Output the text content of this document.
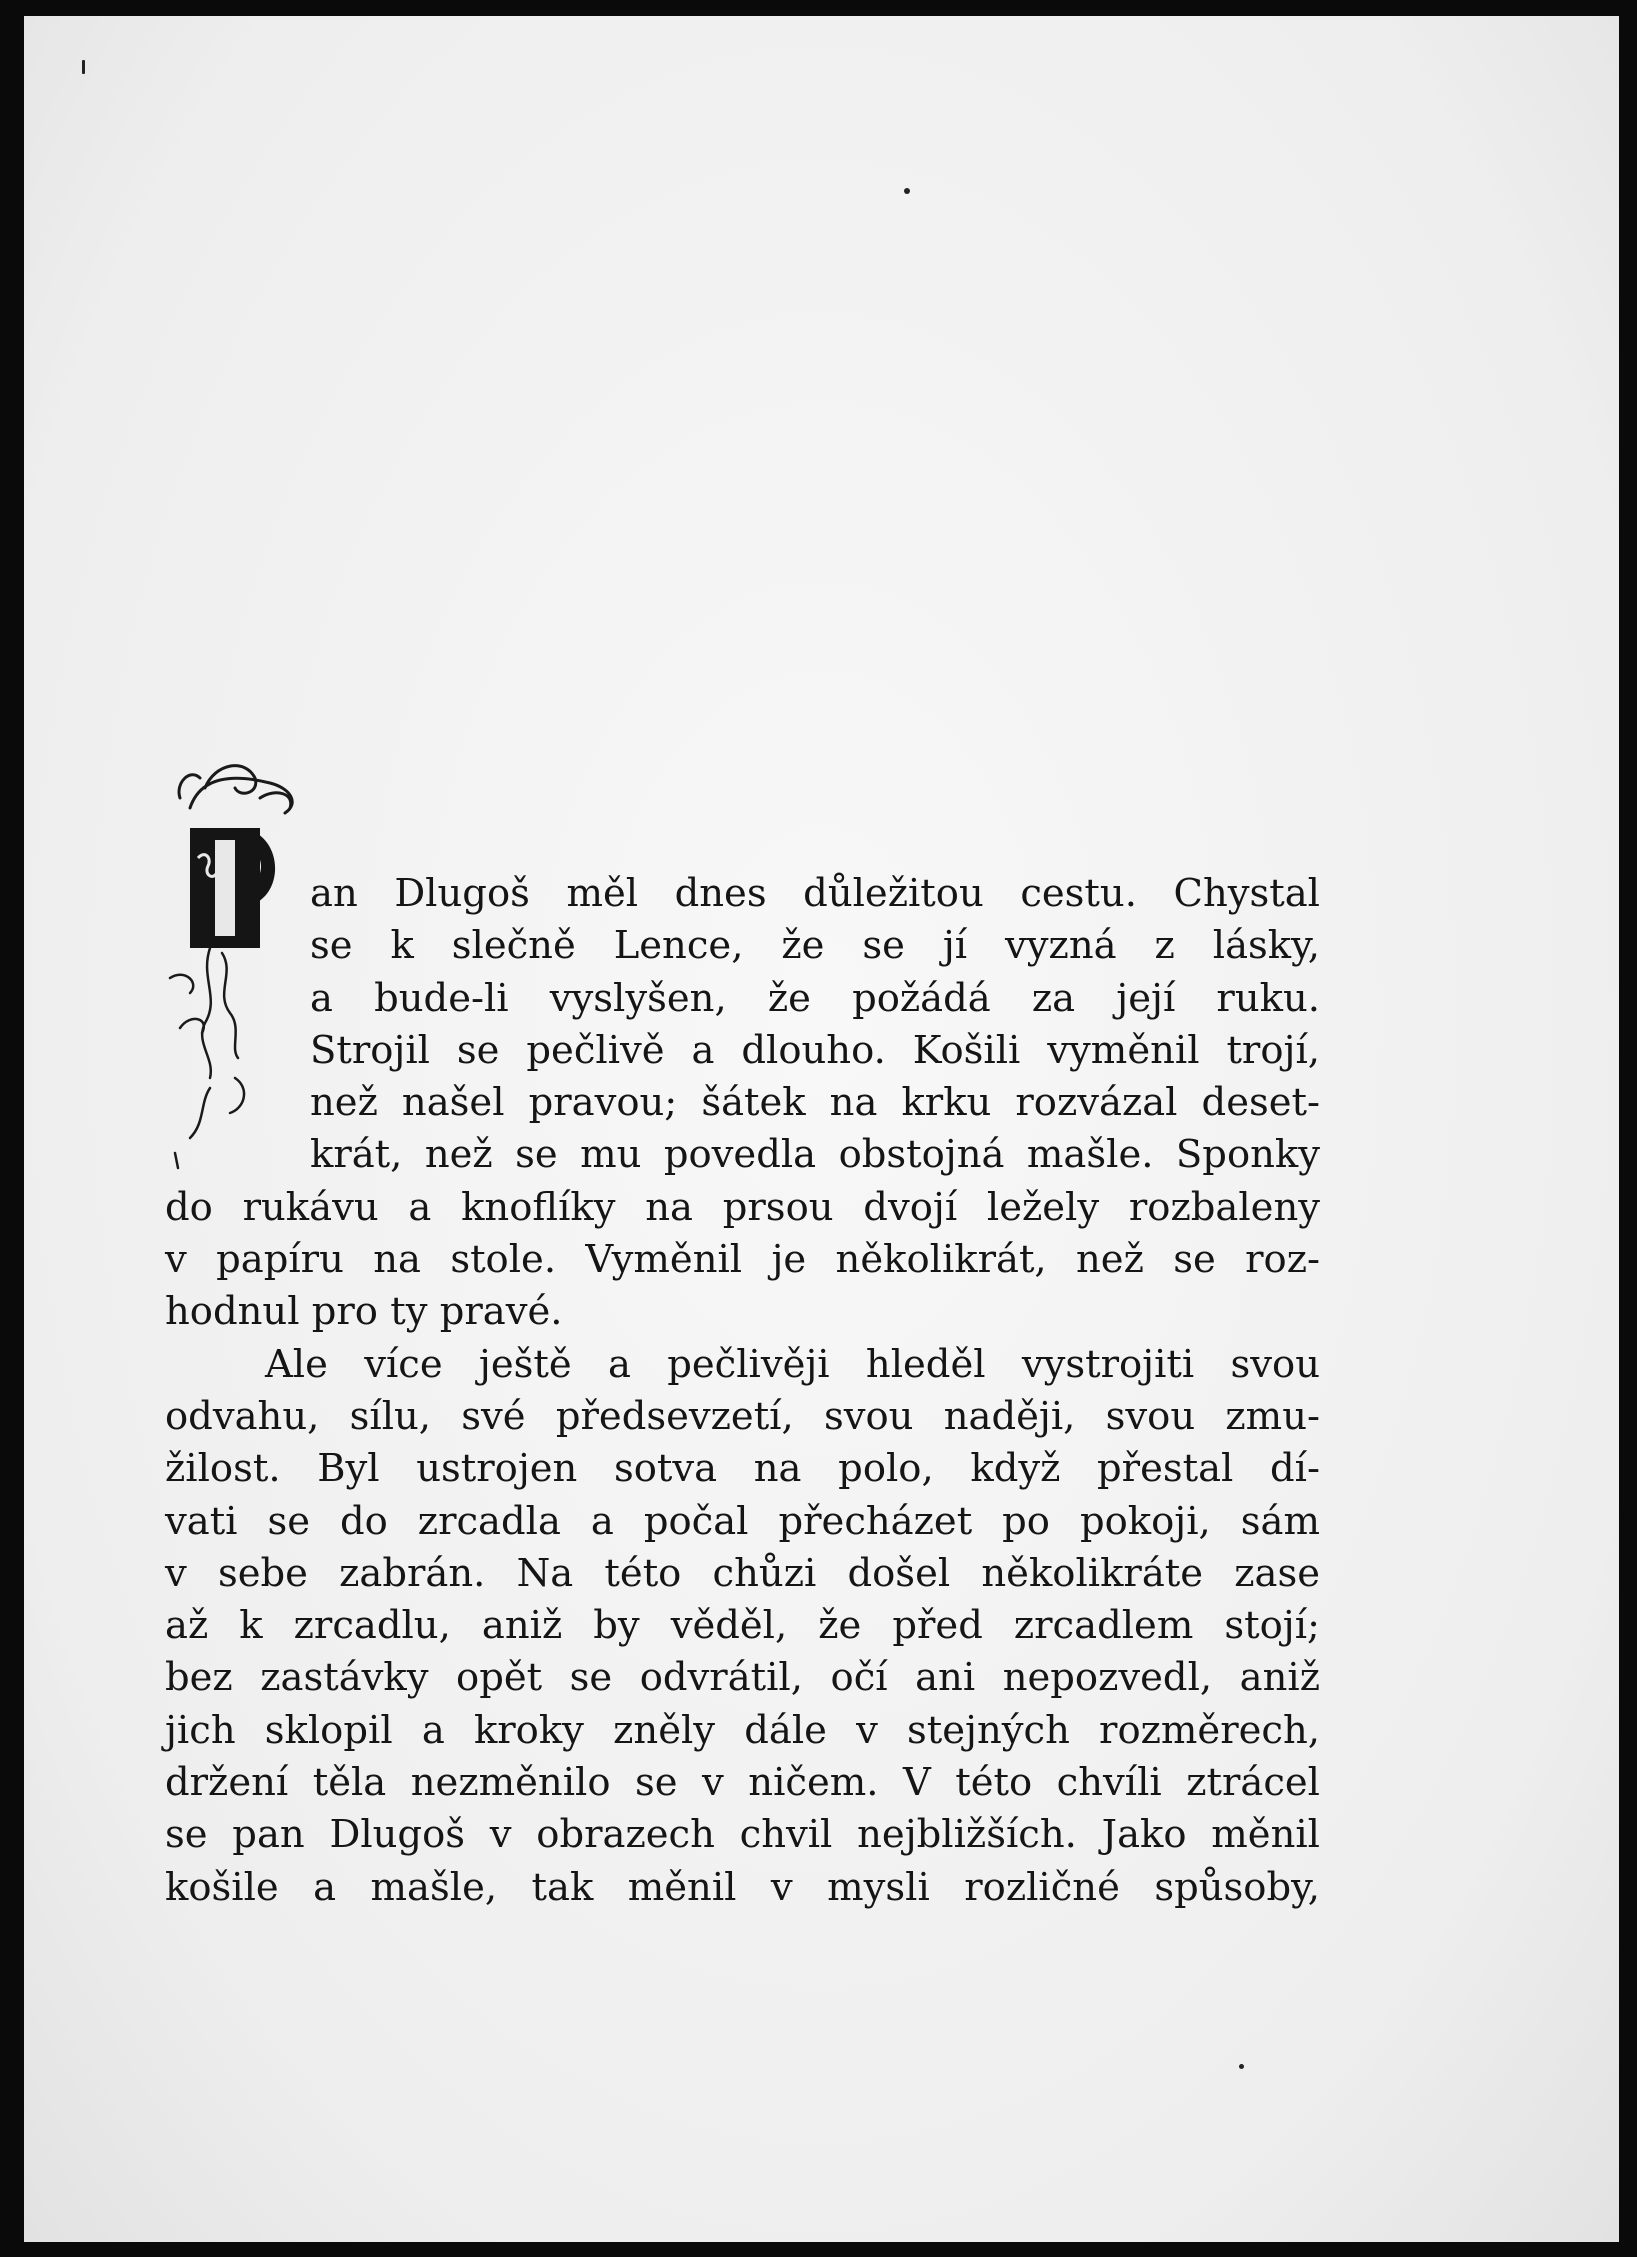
an Dlugoš měl dnes důležitou cestu. Chystal
se k slečně Lence, že se jí vyzná z lásky,
a bude-li vyslyšen, že požádá za její ruku.
Strojil se pečlivě a dlouho. Košili vyměnil trojí,
než našel pravou; šátek na krku rozvázal deset-
krát, než se mu povedla obstojná mašle. Sponky
do rukávu a knoflíky na prsou dvojí ležely rozbaleny
v papíru na stole. Vyměnil je několikrát, než se roz-
hodnul pro ty pravé.
Ale více ještě a pečlivěji hleděl vystrojiti svou
odvahu, sílu, své předsevzetí, svou naději, svou zmu-
žilost. Byl ustrojen sotva na polo, když přestal dí-
vati se do zrcadla a počal přecházet po pokoji, sám
v sebe zabrán. Na této chůzi došel několikráte zase
až k zrcadlu, aniž by věděl, že před zrcadlem stojí;
bez zastávky opět se odvrátil, očí ani nepozvedl, aniž
jich sklopil a kroky zněly dále v stejných rozměrech,
držení těla nezměnilo se v ničem. V této chvíli ztrácel
se pan Dlugoš v obrazech chvil nejbližších. Jako měnil
košile a mašle, tak měnil v mysli rozličné spůsoby,
